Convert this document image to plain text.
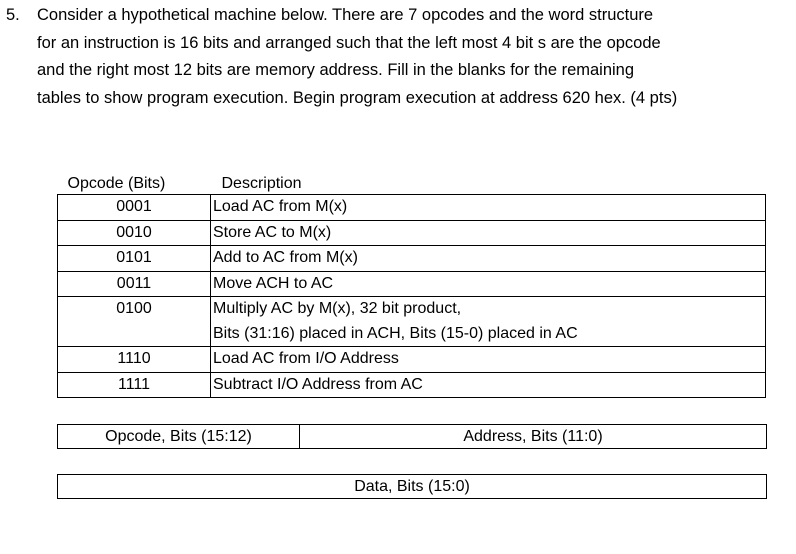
5. Consider a hypothetical machine below. There are 7 opcodes and the word structure
for an instruction is 16 bits and arranged such that the left most 4 bit s are the opcode
and the right most 12 bits are memory address. Fill in the blanks for the remaining
tables to show program execution. Begin program execution at address 620 hex. (4 pts)
Opcode (Bits)	Description
0001	Load AC from M(x)

0010	Store AC to M(x)

0101	Add to AC from M(x)

0011	Move ACH to AC

0100	Multiply AC by M(x), 32 bit product,
Bits (31:16) placed in ACH, Bits (15-0) placed in AC

1110	Load AC from I/O Address

1111	Subtract I/O Address from AC
Opcode, Bits (15:12)	Address, Bits (11:0)
Data, Bits (15:0)
